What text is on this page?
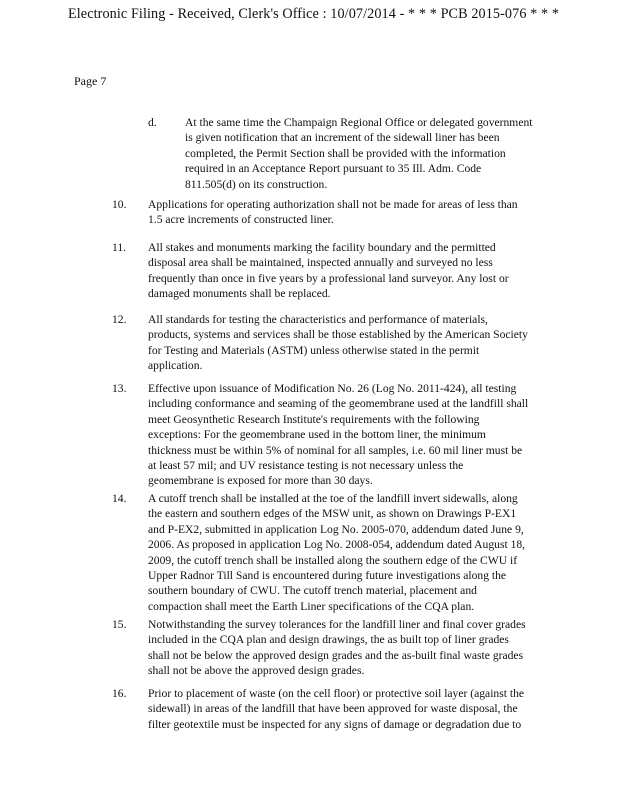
Electronic Filing - Received, Clerk's Office : 10/07/2014 - * * * PCB 2015-076 * * *
Page 7
d. At the same time the Champaign Regional Office or delegated government
is given notification that an increment of the sidewall liner has been
completed, the Permit Section shall be provided with the information
required in an Acceptance Report pursuant to 35 Ill. Adm. Code
811.505(d) on its construction.
10. Applications for operating authorization shall not be made for areas of less than
1.5 acre increments of constructed liner.
11. All stakes and monuments marking the facility boundary and the permitted
disposal area shall be maintained, inspected annually and surveyed no less
frequently than once in five years by a professional land surveyor. Any lost or
damaged monuments shall be replaced.
12. All standards for testing the characteristics and performance of materials,
products, systems and services shall be those established by the American Society
for Testing and Materials (ASTM) unless otherwise stated in the permit
application.
13. Effective upon issuance of Modification No. 26 (Log No. 2011-424), all testing
including conformance and seaming of the geomembrane used at the landfill shall
meet Geosynthetic Research Institute's requirements with the following
exceptions: For the geomembrane used in the bottom liner, the minimum
thickness must be within 5% of nominal for all samples, i.e. 60 mil liner must be
at least 57 mil; and UV resistance testing is not necessary unless the
geomembrane is exposed for more than 30 days.
14. A cutoff trench shall be installed at the toe of the landfill invert sidewalls, along
the eastern and southern edges of the MSW unit, as shown on Drawings P-EX1
and P-EX2, submitted in application Log No. 2005-070, addendum dated June 9,
2006. As proposed in application Log No. 2008-054, addendum dated August 18,
2009, the cutoff trench shall be installed along the southern edge of the CWU if
Upper Radnor Till Sand is encountered during future investigations along the
southern boundary of CWU. The cutoff trench material, placement and
compaction shall meet the Earth Liner specifications of the CQA plan.
15. Notwithstanding the survey tolerances for the landfill liner and final cover grades
included in the CQA plan and design drawings, the as built top of liner grades
shall not be below the approved design grades and the as-built final waste grades
shall not be above the approved design grades.
16. Prior to placement of waste (on the cell floor) or protective soil layer (against the
sidewall) in areas of the landfill that have been approved for waste disposal, the
filter geotextile must be inspected for any signs of damage or degradation due to
